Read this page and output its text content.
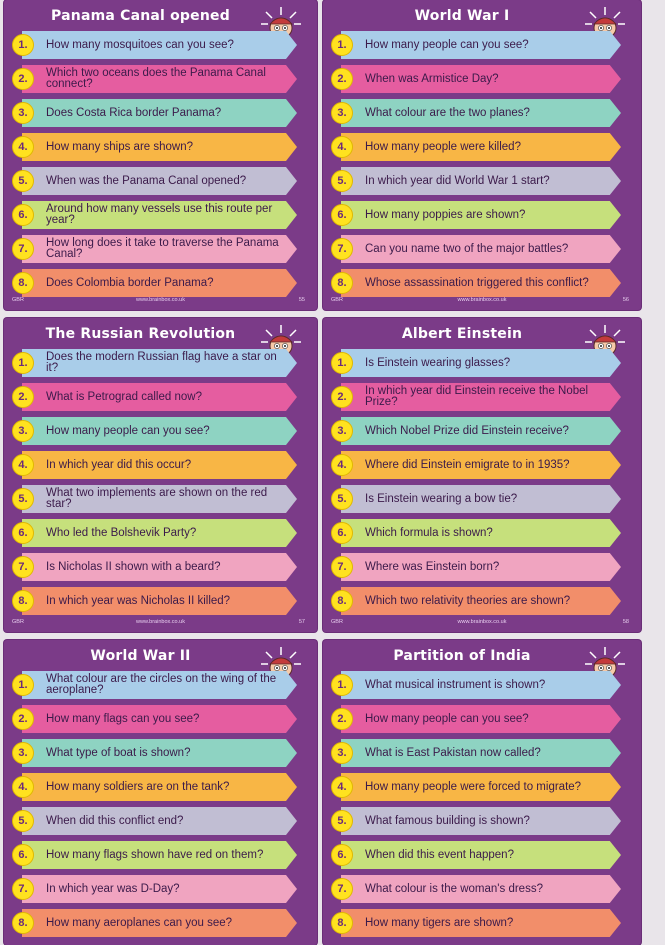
Panama Canal opened
1.	How many mosquitoes can you see?
2.	Which two oceans does the Panama Canal connect?
3.	Does Costa Rica border Panama?
4.	How many ships are shown?
5.	When was the Panama Canal opened?
6.	Around how many vessels use this route per year?
7.	How long does it take to traverse the Panama Canal?
8.	Does Colombia border Panama?
GBR	www.brainbox.co.uk	55
World War I
1.	How many people can you see?
2.	When was Armistice Day?
3.	What colour are the two planes?
4.	How many people were killed?
5.	In which year did World War 1 start?
6.	How many poppies are shown?
7.	Can you name two of the major battles?
8.	Whose assassination triggered this conflict?
GBR	www.brainbox.co.uk	56
The Russian Revolution
1.	Does the modern Russian flag have a star on it?
2.	What is Petrograd called now?
3.	How many people can you see?
4.	In which year did this occur?
5.	What two implements are shown on the red star?
6.	Who led the Bolshevik Party?
7.	Is Nicholas II shown with a beard?
8.	In which year was Nicholas II killed?
GBR	www.brainbox.co.uk	57
Albert Einstein
1.	Is Einstein wearing glasses?
2.	In which year did Einstein receive the Nobel Prize?
3.	Which Nobel Prize did Einstein receive?
4.	Where did Einstein emigrate to in 1935?
5.	Is Einstein wearing a bow tie?
6.	Which formula is shown?
7.	Where was Einstein born?
8.	Which two relativity theories are shown?
GBR	www.brainbox.co.uk	58
World War II
1.	What colour are the circles on the wing of the aeroplane?
2.	How many flags can you see?
3.	What type of boat is shown?
4.	How many soldiers are on the tank?
5.	When did this conflict end?
6.	How many flags shown have red on them?
7.	In which year was D-Day?
8.	How many aeroplanes can you see?
Partition of India
1.	What musical instrument is shown?
2.	How many people can you see?
3.	What is East Pakistan now called?
4.	How many people were forced to migrate?
5.	What famous building is shown?
6.	When did this event happen?
7.	What colour is the woman's dress?
8.	How many tigers are shown?
